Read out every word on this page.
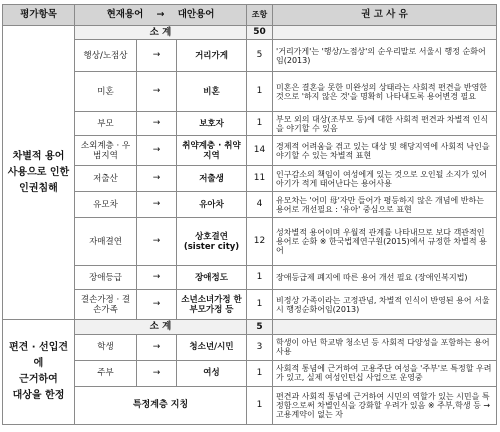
평가항목	현재용어 → 대안용어			조항	권 고 사 유

차별적 용어
사용으로 인한
인권침해	소 계			50	
	행상/노점상	→	거리가게	5	'거리가게'는 '행상/노점상'의 순우리말로 서울시 행정 순화어임(2013)
	미혼	→	비혼	1	미혼은 결혼을 못한 미완성의 상태라는 사회적 편견을 반영한 것으로 '하지 않은 것'을 명확히 나타내도록 용어변경 필요
	부모	→	보호자	1	부모 외의 대상(조부모 등)에 대한 사회적 편견과 차별적 인식을 야기할 수 있음
	소외계층 · 우범지역	→	취약계층 · 취약지역	14	경제적 어려움을 겪고 있는 대상 및 해당지역에 사회적 낙인을 야기할 수 있는 차별적 표현
	저출산	→	저출생	11	인구감소의 책임이 여성에게 있는 것으로 오인될 소지가 있어 아기가 적게 태어난다는 용어사용
	유모차	→	유아차	4	유모차는 '어미 母'자만 들어가 평등하지 않은 개념에 반하는 용어로 개선필요 : '유아' 중심으로 표현
	자매결연	→	상호결연 (sister city)	12	성차별적 용어이며 우월적 관계를 나타내므로 보다 객관적인 용어로 순화 ※ 한국법제연구원(2015)에서 규정한 차별적 용어
	장애등급	→	장애정도	1	장애등급제 폐지에 따른 용어 개선 필요 (장애인복지법)
	결손가정 · 결손가족	→	소년소녀가정 한부모가정 등	1	비정상 가족이라는 고정관념, 차별적 인식이 반영된 용어 서울시 행정순화어임(2013)

편견 · 선입견에
근거하여
대상을 한정	소 계			5	
	학생	→	청소년/시민	3	학생이 아닌 학교밖 청소년 등 사회적 다양성을 포함하는 용어 사용
	주부	→	여성	1	사회적 통념에 근거하여 고용주단 여성을 '주부'로 특정할 우려가 있고, 실제 여성인턴십 사업으로 운영중
	특정계층 지칭			1	편견과 사회적 통념에 근거하여 시민의 역할가 있는 시민을 특정함으로써 차별인식을 강화할 우려가 있음 ※ 주부,학생 등 → 고용계약이 없는 자
